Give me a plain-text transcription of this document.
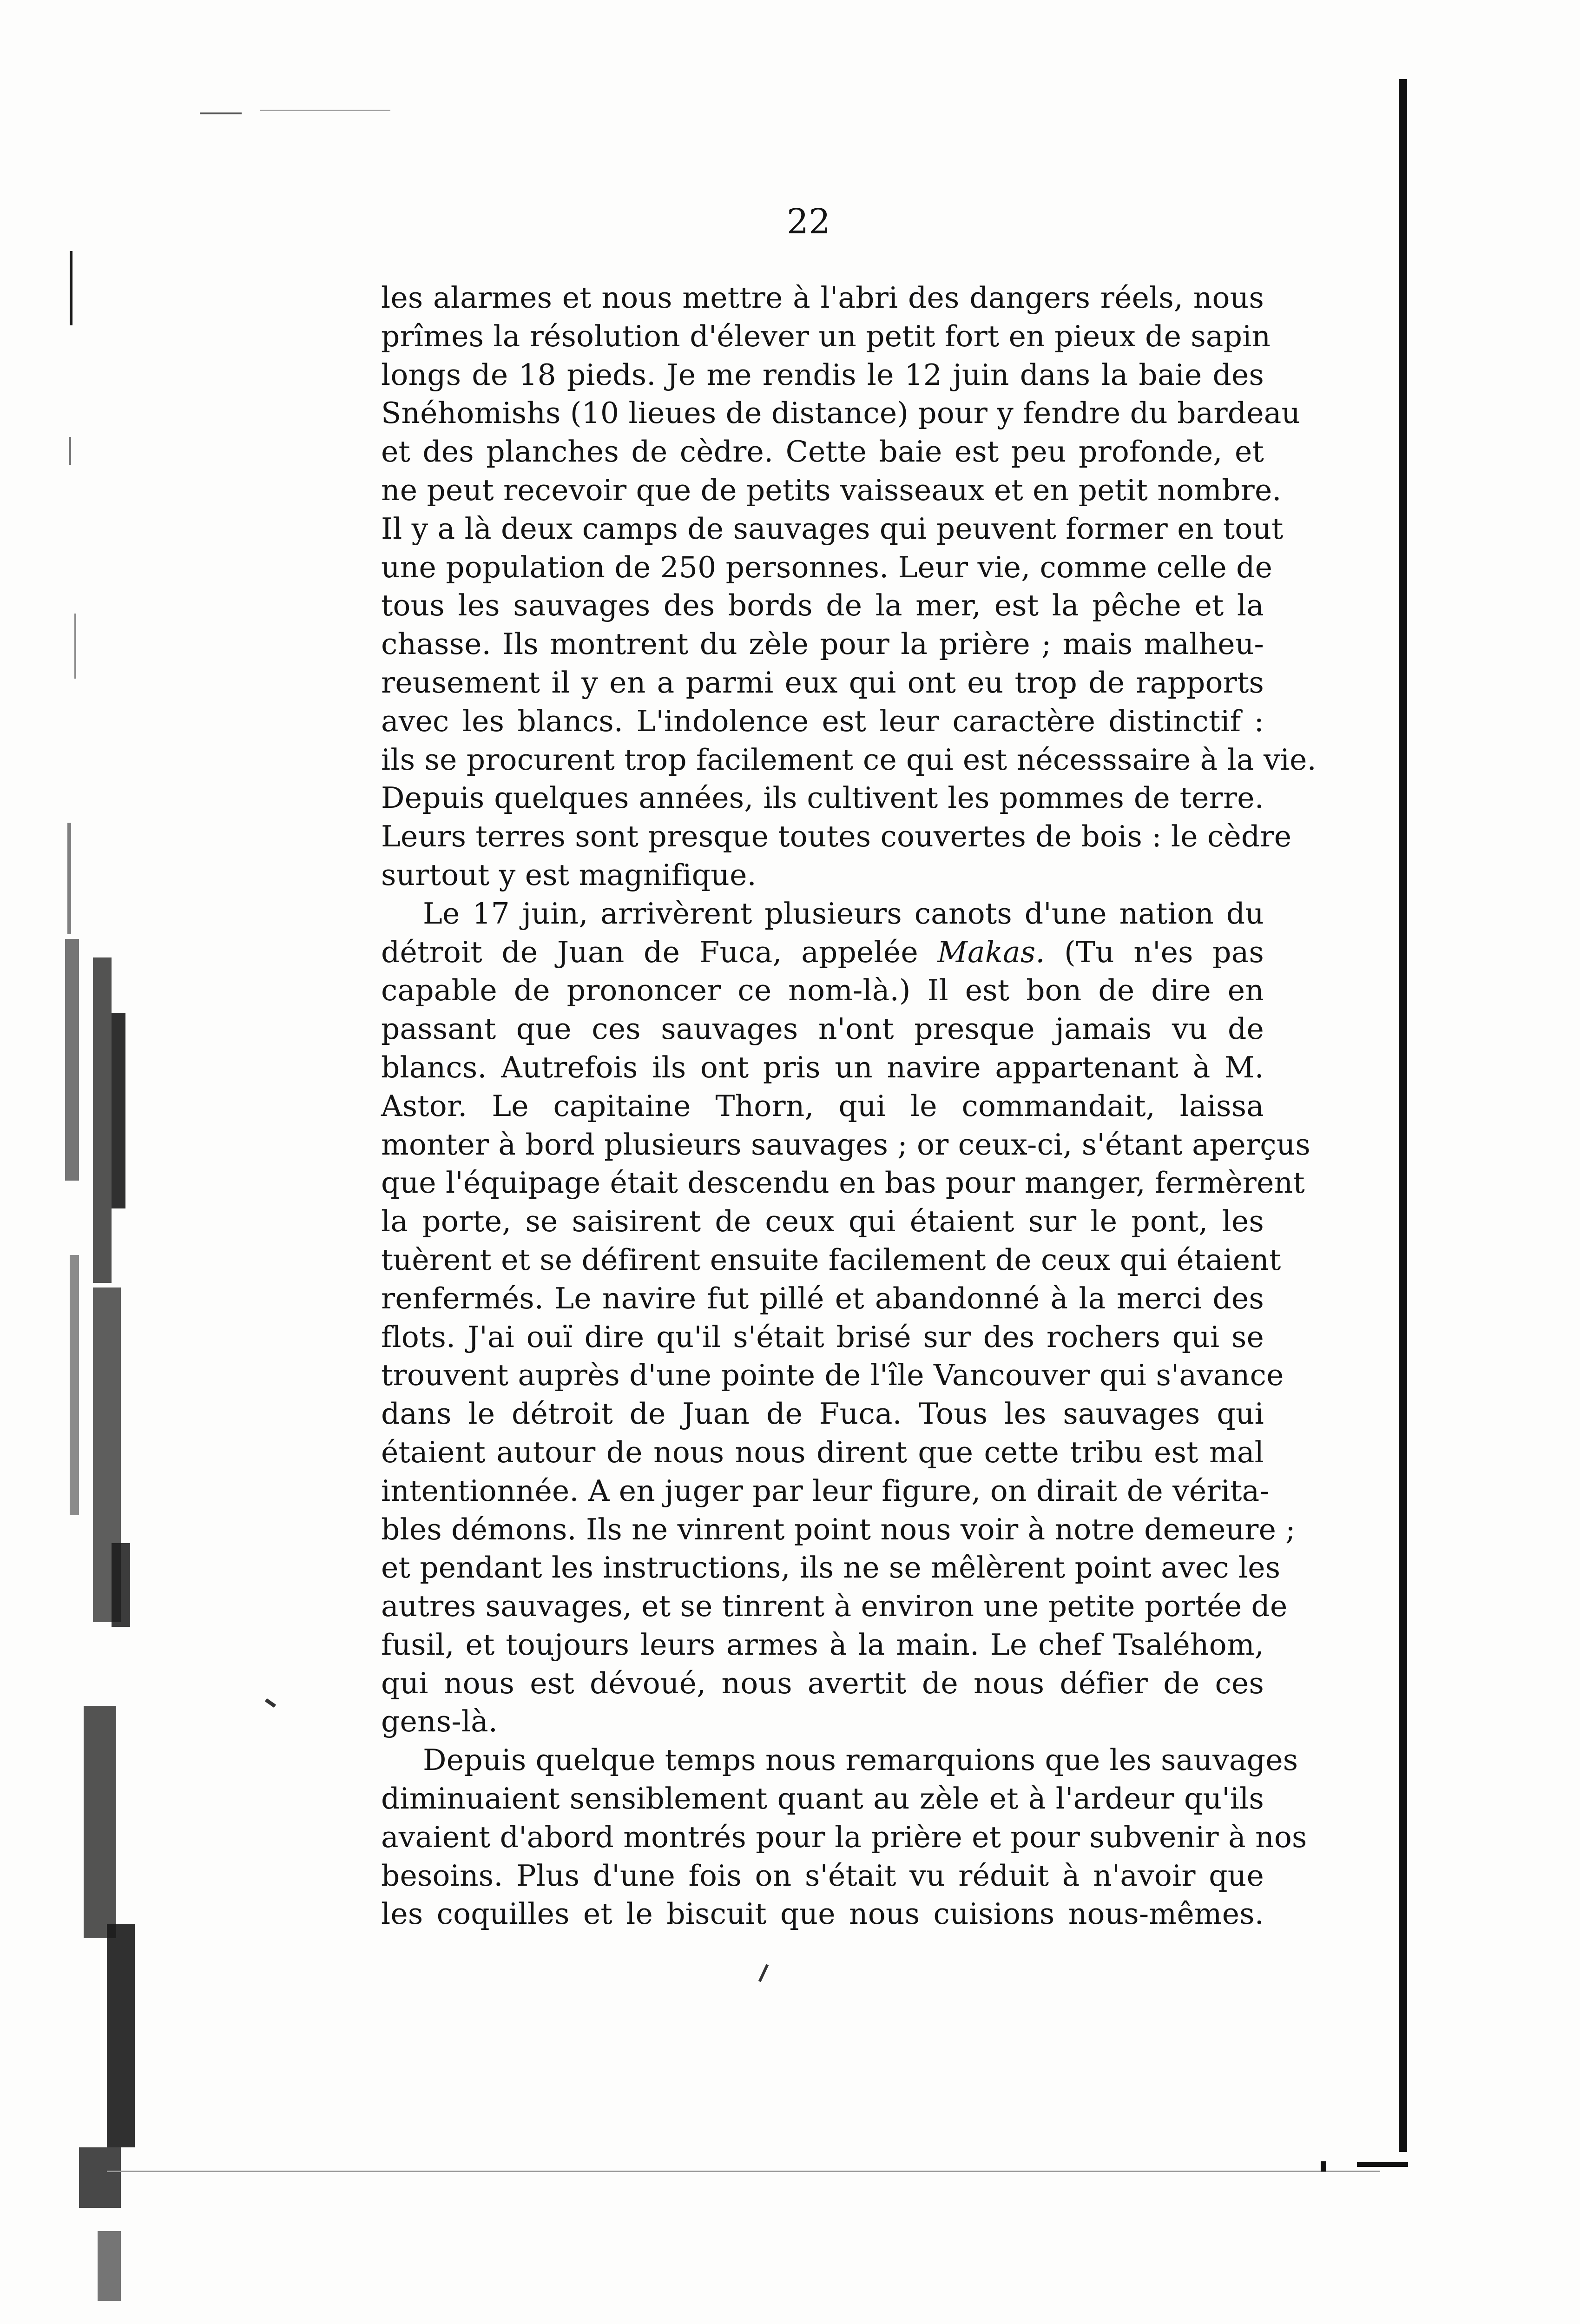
22
les alarmes et nous mettre à l'abri des dangers réels, nous
prîmes la résolution d'élever un petit fort en pieux de sapin
longs de 18 pieds. Je me rendis le 12 juin dans la baie des
Snéhomishs (10 lieues de distance) pour y fendre du bardeau
et des planches de cèdre. Cette baie est peu profonde, et
ne peut recevoir que de petits vaisseaux et en petit nombre.
Il y a là deux camps de sauvages qui peuvent former en tout
une population de 250 personnes. Leur vie, comme celle de
tous les sauvages des bords de la mer, est la pêche et la
chasse. Ils montrent du zèle pour la prière ; mais malheu-
reusement il y en a parmi eux qui ont eu trop de rapports
avec les blancs. L'indolence est leur caractère distinctif :
ils se procurent trop facilement ce qui est nécesssaire à la vie.
Depuis quelques années, ils cultivent les pommes de terre.
Leurs terres sont presque toutes couvertes de bois : le cèdre
surtout y est magnifique.
Le 17 juin, arrivèrent plusieurs canots d'une nation du
détroit de Juan de Fuca, appelée Makas. (Tu n'es pas
capable de prononcer ce nom-là.) Il est bon de dire en
passant que ces sauvages n'ont presque jamais vu de
blancs. Autrefois ils ont pris un navire appartenant à M.
Astor. Le capitaine Thorn, qui le commandait, laissa
monter à bord plusieurs sauvages ; or ceux-ci, s'étant aperçus
que l'équipage était descendu en bas pour manger, fermèrent
la porte, se saisirent de ceux qui étaient sur le pont, les
tuèrent et se défirent ensuite facilement de ceux qui étaient
renfermés. Le navire fut pillé et abandonné à la merci des
flots. J'ai ouï dire qu'il s'était brisé sur des rochers qui se
trouvent auprès d'une pointe de l'île Vancouver qui s'avance
dans le détroit de Juan de Fuca. Tous les sauvages qui
étaient autour de nous nous dirent que cette tribu est mal
intentionnée. A en juger par leur figure, on dirait de vérita-
bles démons. Ils ne vinrent point nous voir à notre demeure ;
et pendant les instructions, ils ne se mêlèrent point avec les
autres sauvages, et se tinrent à environ une petite portée de
fusil, et toujours leurs armes à la main. Le chef Tsaléhom,
qui nous est dévoué, nous avertit de nous défier de ces
gens-là.
Depuis quelque temps nous remarquions que les sauvages
diminuaient sensiblement quant au zèle et à l'ardeur qu'ils
avaient d'abord montrés pour la prière et pour subvenir à nos
besoins. Plus d'une fois on s'était vu réduit à n'avoir que
les coquilles et le biscuit que nous cuisions nous-mêmes.
